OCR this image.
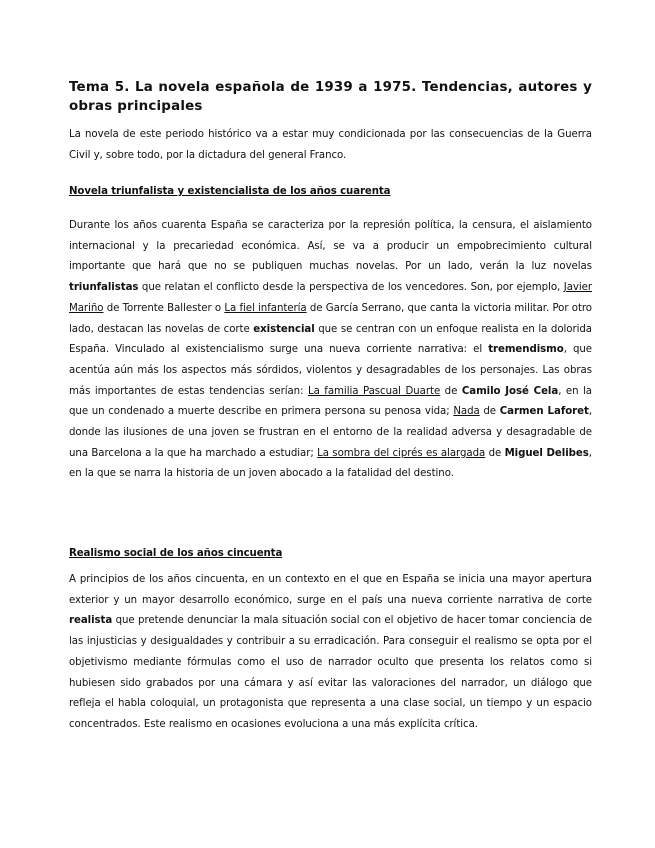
Tema 5. La novela española de 1939 a 1975. Tendencias, autores y obras principales

La novela de este periodo histórico va a estar muy condicionada por las consecuencias de la Guerra Civil y, sobre todo, por la dictadura del general Franco.

Novela triunfalista y existencialista de los años cuarenta

Durante los años cuarenta España se caracteriza por la represión política, la censura, el aislamiento internacional y la precariedad económica. Así, se va a producir un empobrecimiento cultural importante que hará que no se publiquen muchas novelas. Por un lado, verán la luz novelas triunfalistas que relatan el conflicto desde la perspectiva de los vencedores. Son, por ejemplo, Javier Mariño de Torrente Ballester o La fiel infantería de García Serrano, que canta la victoria militar. Por otro lado, destacan las novelas de corte existencial que se centran con un enfoque realista en la dolorida España. Vinculado al existencialismo surge una nueva corriente narrativa: el tremendismo, que acentúa aún más los aspectos más sórdidos, violentos y desagradables de los personajes. Las obras más importantes de estas tendencias serían: La familia Pascual Duarte de Camilo José Cela, en la que un condenado a muerte describe en primera persona su penosa vida; Nada de Carmen Laforet, donde las ilusiones de una joven se frustran en el entorno de la realidad adversa y desagradable de una Barcelona a la que ha marchado a estudiar; La sombra del ciprés es alargada de Miguel Delibes, en la que se narra la historia de un joven abocado a la fatalidad del destino.

Realismo social de los años cincuenta

A principios de los años cincuenta, en un contexto en el que en España se inicia una mayor apertura exterior y un mayor desarrollo económico, surge en el país una nueva corriente narrativa de corte realista que pretende denunciar la mala situación social con el objetivo de hacer tomar conciencia de las injusticias y desigualdades y contribuir a su erradicación. Para conseguir el realismo se opta por el objetivismo mediante fórmulas como el uso de narrador oculto que presenta los relatos como si hubiesen sido grabados por una cámara y así evitar las valoraciones del narrador, un diálogo que refleja el habla coloquial, un protagonista que representa a una clase social, un tiempo y un espacio concentrados. Este realismo en ocasiones evoluciona a una más explícita crítica.
